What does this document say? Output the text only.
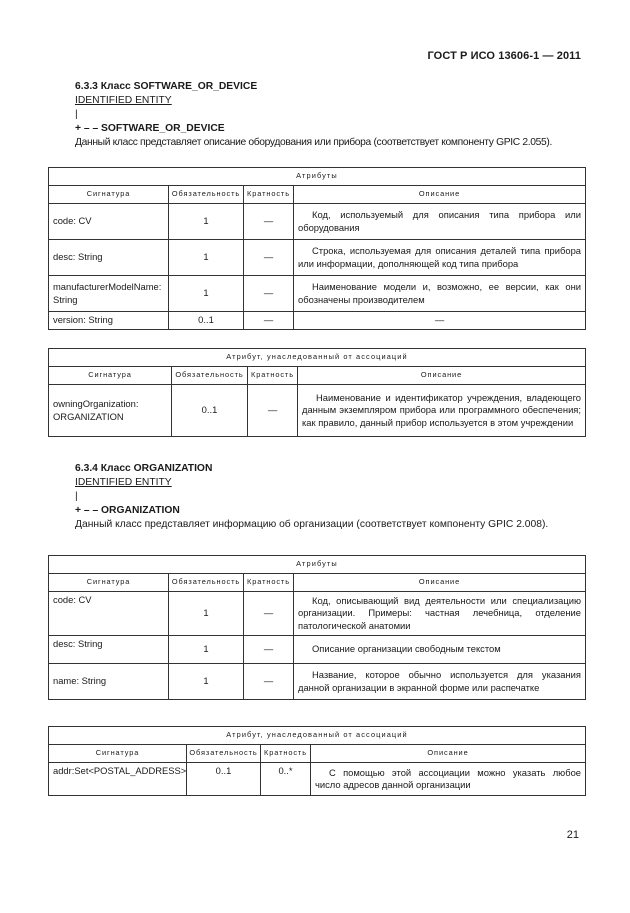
ГОСТ Р ИСО 13606-1 — 2011
6.3.3 Класс SOFTWARE_OR_DEVICE
IDENTIFIED ENTITY
|
+ – – SOFTWARE_OR_DEVICE
Данный класс представляет описание оборудования или прибора (соответствует компоненту GPIC 2.055).
Атрибуты			
Сигнатура	Обязательность	Кратность	Описание
code: CV	1	—	Код, используемый для описания типа прибора или оборудования
desc: String	1	—	Строка, используемая для описания деталей типа прибора или информации, дополняющей код типа прибора
manufacturerModelName: String	1	—	Наименование модели и, возможно, ее версии, как они обозначены производителем
version: String	0..1	—	—
Атрибут, унаследованный от ассоциаций			
Сигнатура	Обязательность	Кратность	Описание
owningOrganization: ORGANIZATION	0..1	—	Наименование и идентификатор учреждения, владеющего данным экземпляром прибора или программного обеспечения; как правило, данный прибор используется в этом учреждении
6.3.4 Класс ORGANIZATION
IDENTIFIED ENTITY
|
+ – – ORGANIZATION
Данный класс представляет информацию об организации (соответствует компоненту GPIC 2.008).
Атрибуты			
Сигнатура	Обязательность	Кратность	Описание
code: CV	1	—	Код, описывающий вид деятельности или специализацию организации. Примеры: частная лечебница, отделение патологической анатомии
desc: String	1	—	Описание организации свободным текстом
name: String	1	—	Название, которое обычно используется для указания данной организации в экранной форме или распечатке
Атрибут, унаследованный от ассоциаций			
Сигнатура	Обязательность	Кратность	Описание
addr:Set<POSTAL_ADDRESS>	0..1	0..*	С помощью этой ассоциации можно указать любое число адресов данной организации
21
